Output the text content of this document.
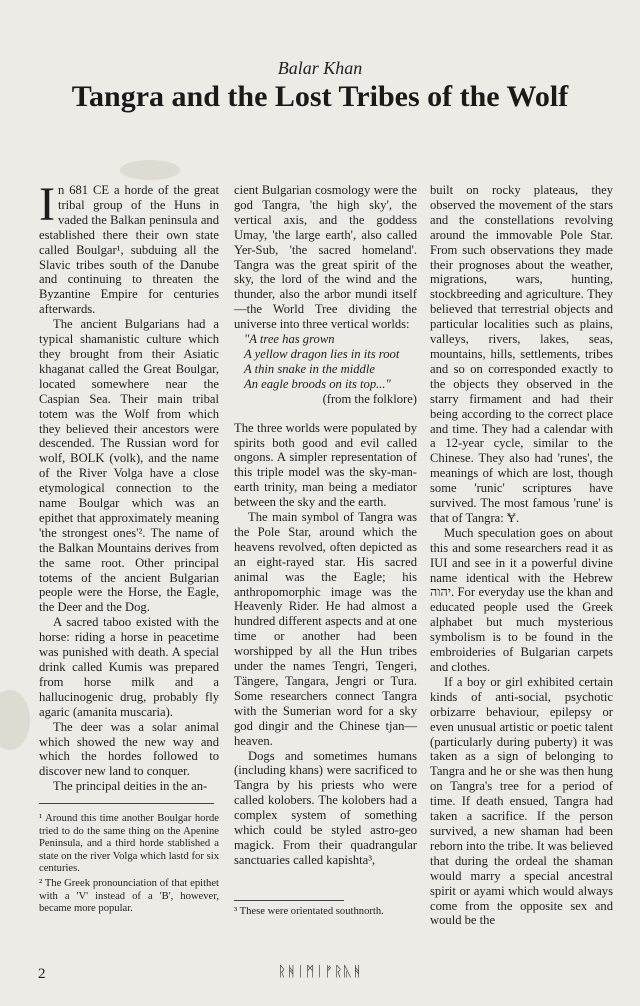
Balar Khan
Tangra and the Lost Tribes of the Wolf

In 681 CE a horde of the great tribal group of the Huns in vaded the Balkan peninsula and established there their own state called Boulgar¹, subduing all the Slavic tribes south of the Danube and continuing to threaten the Byzantine Empire for centuries afterwards.

The ancient Bulgarians had a typical shamanistic culture which they brought from their Asiatic khaganat called the Great Boulgar, located somewhere near the Caspian Sea. Their main tribal totem was the Wolf from which they believed their ancestors were descended. The Russian word for wolf, BOLK (volk), and the name of the River Volga have a close etymological connection to the name Boulgar which was an epithet that approximately meaning 'the strongest ones'². The name of the Balkan Mountains derives from the same root. Other principal totems of the ancient Bulgarian people were the Horse, the Eagle, the Deer and the Dog.

A sacred taboo existed with the horse: riding a horse in peacetime was punished with death. A special drink called Kumis was prepared from horse milk and a hallucinogenic drug, probably fly agaric (amanita muscaria).

The deer was a solar animal which showed the new way and which the hordes followed to discover new land to conquer.

The principal deities in the an-

cient Bulgarian cosmology were the god Tangra, 'the high sky', the vertical axis, and the goddess Umay, 'the large earth', also called Yer-Sub, 'the sacred homeland'. Tangra was the great spirit of the sky, the lord of the wind and the thunder, also the arbor mundi itself—the World Tree dividing the universe into three vertical worlds:

"A tree has grown

A yellow dragon lies in its root

A thin snake in the middle

An eagle broods on its top..."

(from the folklore)

The three worlds were populated by spirits both good and evil called ongons. A simpler representation of this triple model was the sky-man-earth trinity, man being a mediator between the sky and the earth.

The main symbol of Tangra was the Pole Star, around which the heavens revolved, often depicted as an eight-rayed star. His sacred animal was the Eagle; his anthropomorphic image was the Heavenly Rider. He had almost a hundred different aspects and at one time or another had been worshipped by all the Hun tribes under the names Tengri, Tengeri, Tängere, Tangara, Jengri or Tura. Some researchers connect Tangra with the Sumerian word for a sky god dingir and the Chinese tjan—heaven.

Dogs and sometimes humans (including khans) were sacrificed to Tangra by his priests who were called kolobers. The kolobers had a complex system of something which could be styled astro-geo magick. From their quadrangular sanctuaries called kapishta³,

built on rocky plateaus, they observed the movement of the stars and the constellations revolving around the immovable Pole Star. From such observations they made their prognoses about the weather, migrations, wars, hunting, stockbreeding and agriculture. They believed that terrestrial objects and particular localities such as plains, valleys, rivers, lakes, seas, mountains, hills, settlements, tribes and so on corresponded exactly to the objects they observed in the starry firmament and had their being according to the correct place and time. They had a calendar with a 12-year cycle, similar to the Chinese. They also had 'runes', the meanings of which are lost, though some 'runic' scriptures have survived. The most famous 'rune' is that of Tangra: Ɏ.

Much speculation goes on about this and some researchers read it as IUI and see in it a powerful divine name identical with the Hebrew יהוה. For everyday use the khan and educated people used the Greek alphabet but much mysterious symbolism is to be found in the embroideries of Bulgarian carpets and clothes.

If a boy or girl exhibited certain kinds of anti-social, psychotic orbizarre behaviour, epilepsy or even unusual artistic or poetic talent (particularly during puberty) it was taken as a sign of belonging to Tangra and he or she was then hung on Tangra's tree for a period of time. If death ensued, Tangra had taken a sacrifice. If the person survived, a new shaman had been reborn into the tribe. It was believed that during the ordeal the shaman would marry a special ancestral spirit or ayami which would always come from the opposite sex and would be the

¹ Around this time another Boulgar horde tried to do the same thing on the Apenine Peninsula, and a third horde stablished a state on the river Volga which lastd for six centuries.

² The Greek pronounciation of that epithet with a 'V' instead of a 'B', however, became more popular.	³ These were orientated southnorth.

2	ᚱᚻᛁᛗᛁᚠᚱᚣᚻ
